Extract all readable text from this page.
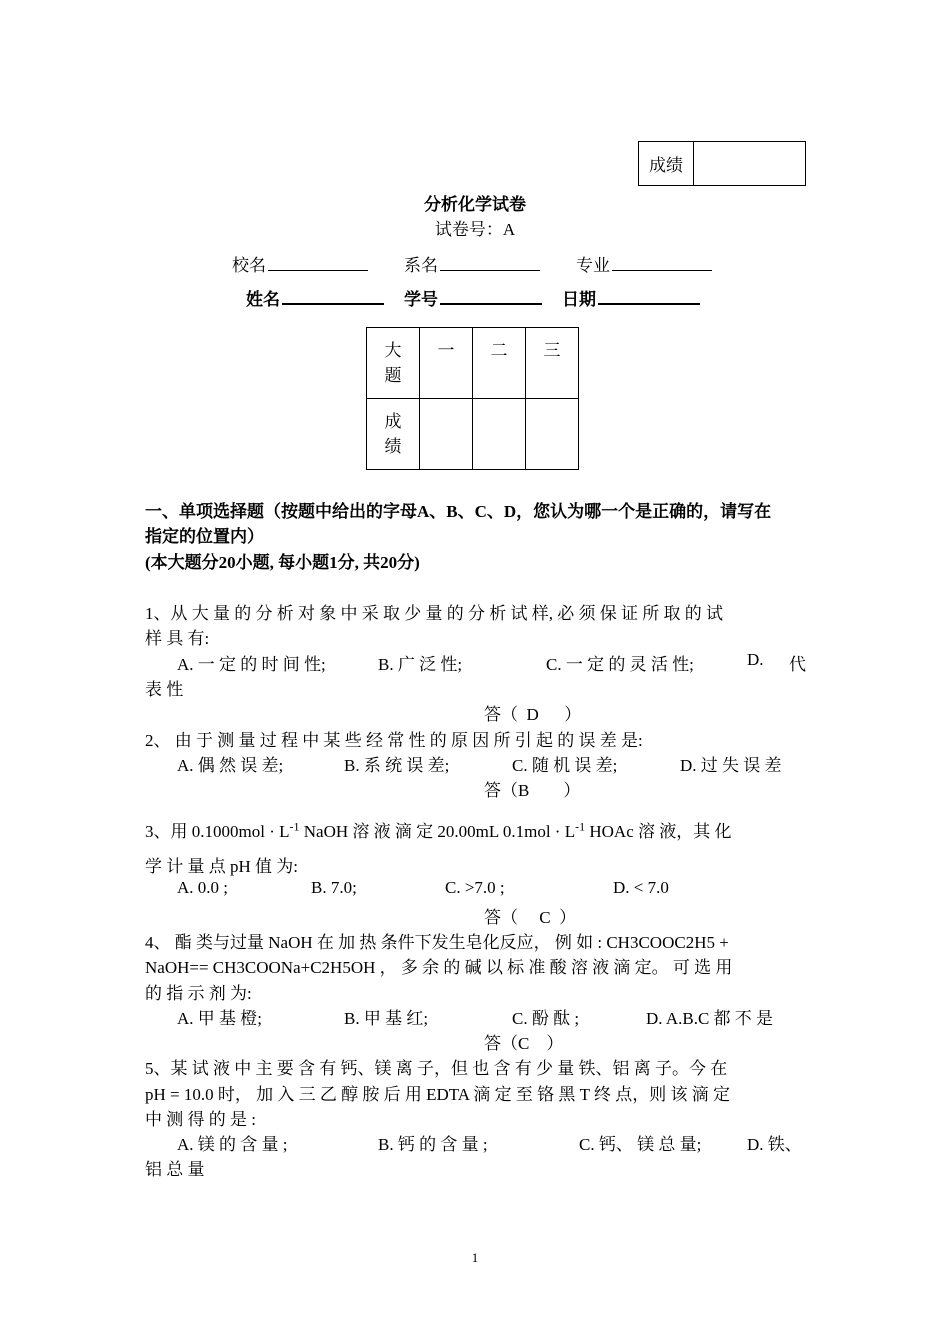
成绩
分析化学试卷
试卷号：A
校名	系名	专业
姓名	学号	日期
大
题	一	二	三

成
绩			

一、单项选择题（按题中给出的字母A、B、C、D，您认为哪一个是正确的，请写在
指定的位置内）
(本大题分20小题, 每小题1分, 共20分)
1、从 大 量 的 分 析 对 象 中 采 取 少 量 的 分 析 试 样, 必 须 保 证 所 取 的 试
样 具 有:
A. 一 定 的 时 间 性;	B. 广 泛 性;	C. 一 定 的 灵 活 性;	D. 代
表 性
答（  D      ）
2、 由 于 测 量 过 程 中 某 些 经 常 性 的 原 因 所 引 起 的 误 差 是:
A. 偶 然 误 差;	B. 系 统 误 差;	C. 随 机 误 差;	D. 过 失 误 差
答（B        ）
3、用 $0.1000mol \cdot L^{-1}$ NaOH 溶 液 滴 定 20.00mL $0.1mol \cdot L^{-1}$ HOAc 溶 液，其 化
学 计 量 点 pH 值 为:
A. 0.0 ;	B. 7.0;	C. >7.0 ;	D. < 7.0
答（     C  ）
4、 酯 类与过量 NaOH 在 加 热 条件下发生皂化反应， 例 如 : CH3COOC2H5 +
NaOH== CH3COONa+C2H5OH ， 多 余 的 碱 以 标 准 酸 溶 液 滴 定。 可 选 用
的 指 示 剂 为:
A. 甲 基 橙;	B. 甲 基 红;	C. 酚 酞 ;	D. A.B.C 都 不 是
答（C    ）
5、某 试 液 中 主 要 含 有 钙、镁 离 子，但 也 含 有 少 量 铁、铝 离 子。今 在
pH = 10.0 时， 加 入 三 乙 醇 胺 后 用 EDTA 滴 定 至 铬 黑 T 终 点，则 该 滴 定
中 测 得 的 是 :
A. 镁 的 含 量 ;	B. 钙 的 含 量 ;	C. 钙、 镁 总 量;	D. 铁、
铝 总 量
1
